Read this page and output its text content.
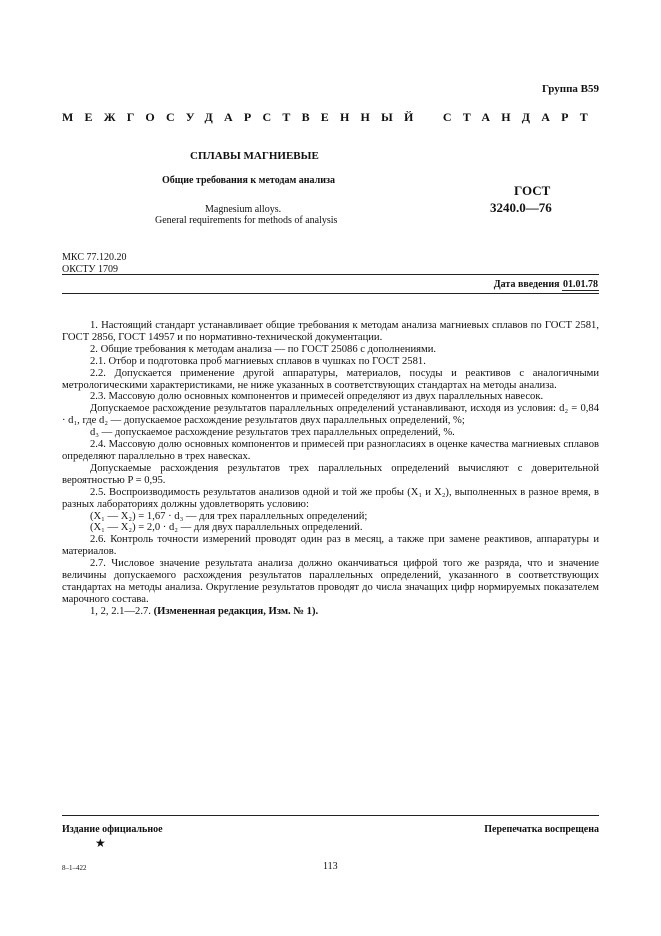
Группа В59
МЕЖГОСУДАРСТВЕННЫЙ СТАНДАРТ
СПЛАВЫ МАГНИЕВЫЕ
Общие требования к методам анализа
Magnesium alloys.
General requirements for methods of analysis
ГОСТ
3240.0—76
МКС 77.120.20
ОКСТУ 1709
Дата введения 01.01.78

1. Настоящий стандарт устанавливает общие требования к методам анализа магниевых сплавов по ГОСТ 2581, ГОСТ 2856, ГОСТ 14957 и по нормативно-технической документации.

2. Общие требования к методам анализа — по ГОСТ 25086 с дополнениями.

2.1. Отбор и подготовка проб магниевых сплавов в чушках по ГОСТ 2581.

2.2. Допускается применение другой аппаратуры, материалов, посуды и реактивов с аналогичными метрологическими характеристиками, не ниже указанных в соответствующих стандартах на методы анализа.

2.3. Массовую долю основных компонентов и примесей определяют из двух параллельных навесок.

Допускаемое расхождение результатов параллельных определений устанавливают, исходя из условия: d₂ = 0,84 · d₁, где d₂ — допускаемое расхождение результатов двух параллельных определений, %;

d₃ — допускаемое расхождение результатов трех параллельных определений, %.

2.4. Массовую долю основных компонентов и примесей при разногласиях в оценке качества магниевых сплавов определяют параллельно в трех навесках.

Допускаемые расхождения результатов трех параллельных определений вычисляют с доверительной вероятностью P = 0,95.

2.5. Воспроизводимость результатов анализов одной и той же пробы (X₁ и X₂), выполненных в разное время, в разных лабораториях должны удовлетворять условию:

(X₁ — X₂) = 1,67 · d₃ — для трех параллельных определений;

(X₁ — X₂) = 2,0 · d₂ — для двух параллельных определений.

2.6. Контроль точности измерений проводят один раз в месяц, а также при замене реактивов, аппаратуры и материалов.

2.7. Числовое значение результата анализа должно оканчиваться цифрой того же разряда, что и значение величины допускаемого расхождения результатов параллельных определений, указанного в соответствующих стандартах на методы анализа. Округление результатов проводят до числа значащих цифр нормируемых показателем марочного состава.

1, 2, 2.1—2.7. (Измененная редакция, Изм. № 1).

Издание официальное	Перепечатка воспрещена
★
8–1–422	113
